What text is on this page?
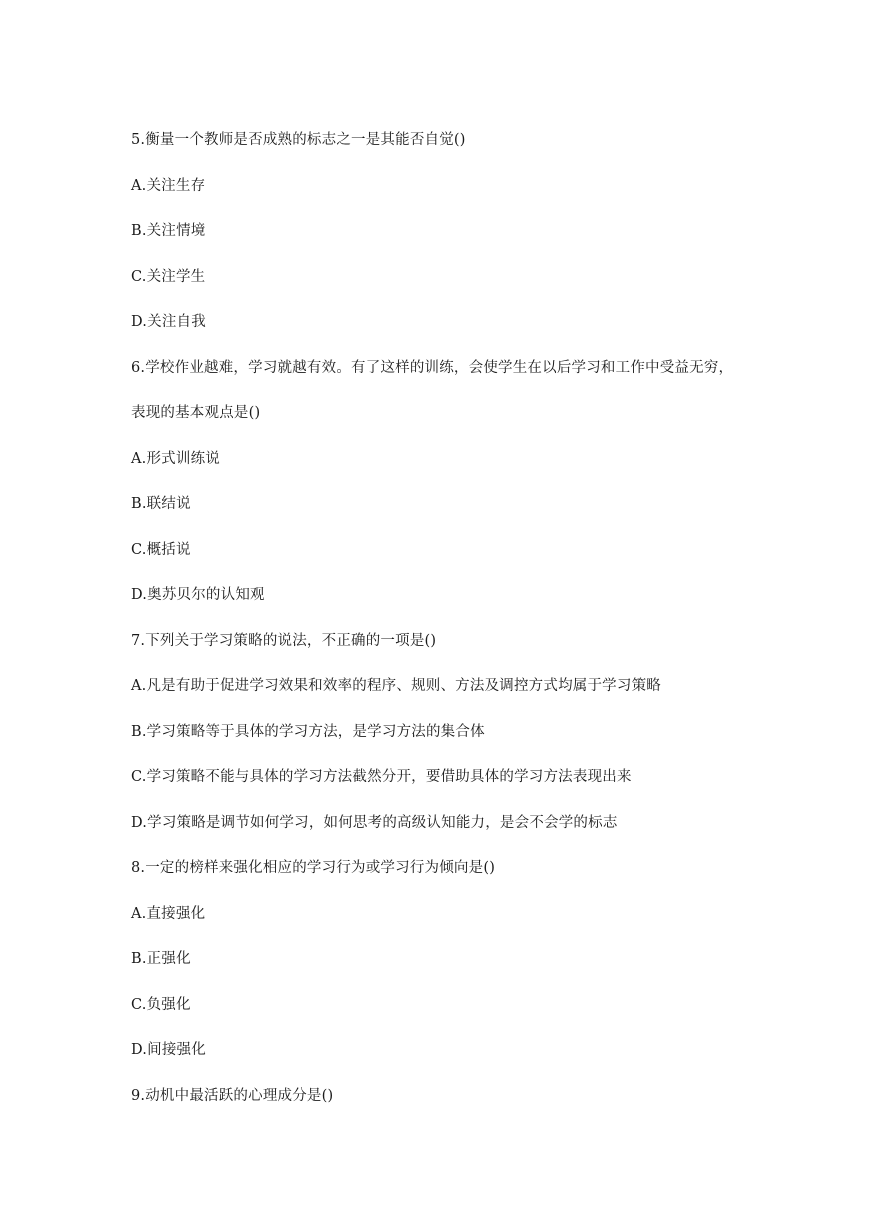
5.衡量一个教师是否成熟的标志之一是其能否自觉()
A.关注生存
B.关注情境
C.关注学生
D.关注自我
6.学校作业越难，学习就越有效。有了这样的训练，会使学生在以后学习和工作中受益无穷，
表现的基本观点是()
A.形式训练说
B.联结说
C.概括说
D.奥苏贝尔的认知观
7.下列关于学习策略的说法，不正确的一项是()
A.凡是有助于促进学习效果和效率的程序、规则、方法及调控方式均属于学习策略
B.学习策略等于具体的学习方法，是学习方法的集合体
C.学习策略不能与具体的学习方法截然分开，要借助具体的学习方法表现出来
D.学习策略是调节如何学习，如何思考的高级认知能力，是会不会学的标志
8.一定的榜样来强化相应的学习行为或学习行为倾向是()
A.直接强化
B.正强化
C.负强化
D.间接强化
9.动机中最活跃的心理成分是()
